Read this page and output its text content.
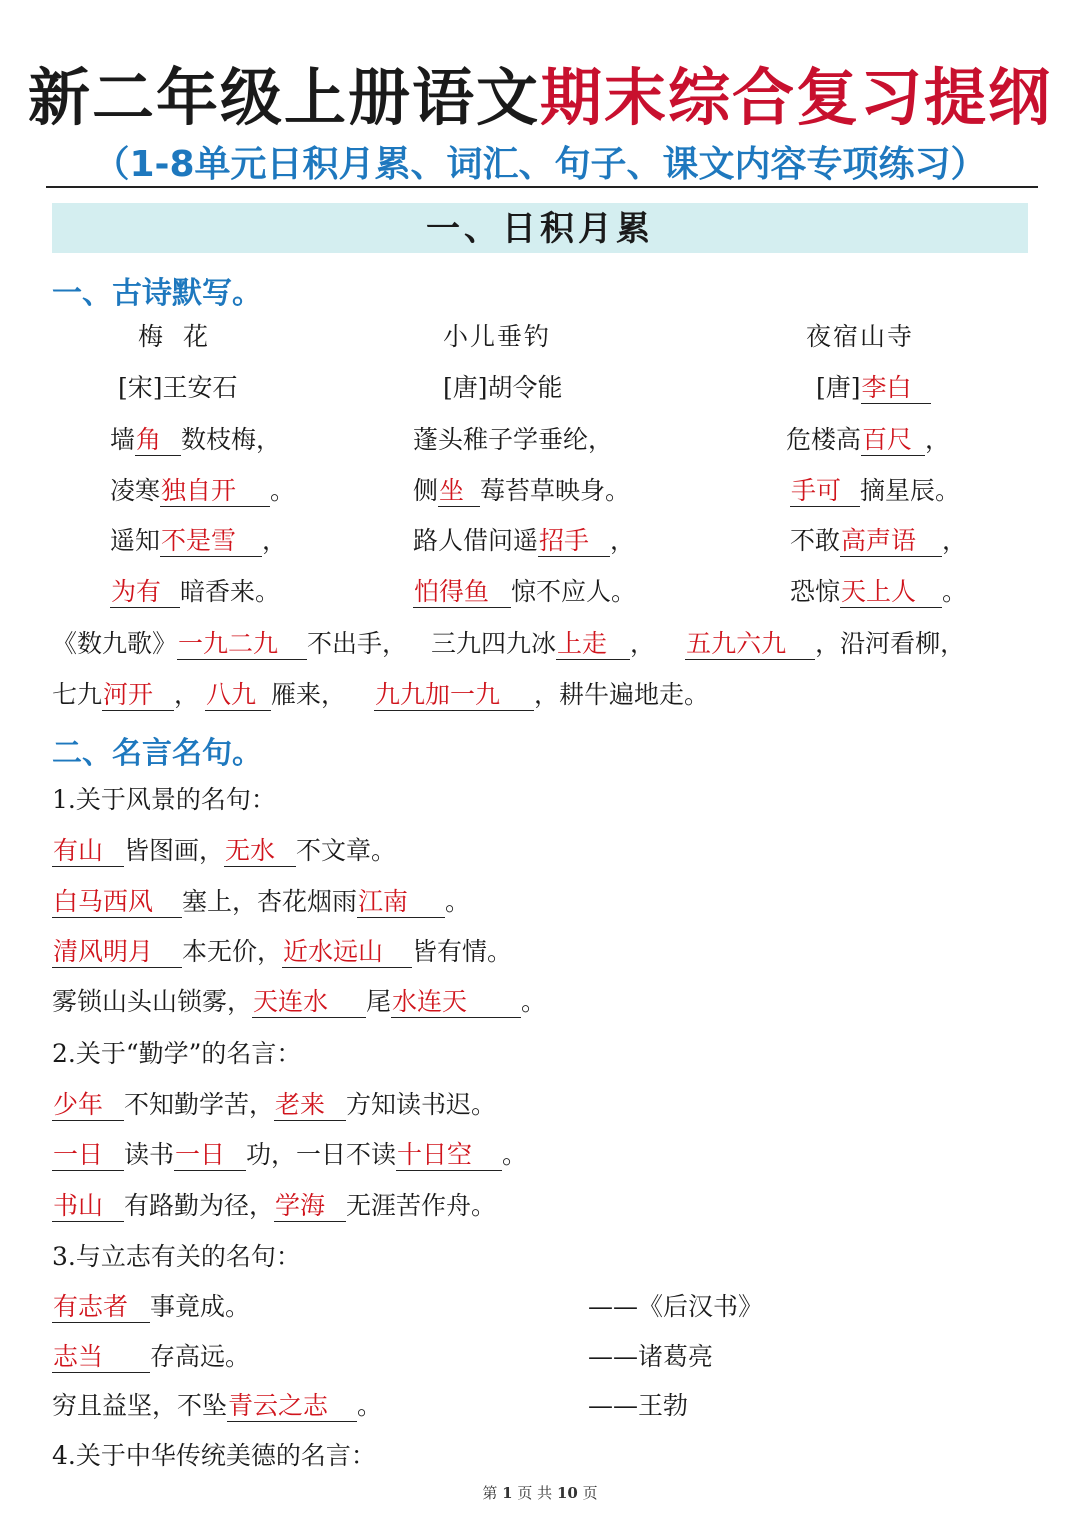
新二年级上册语文期末综合复习提纲
（1-8单元日积月累、词汇、句子、课文内容专项练习）
一、日积月累
一、古诗默写。
梅 花
[宋]王安石
墙角 数枝梅，
凌寒独自开 。
遥知不是雪 ，
为有 暗香来。
小儿垂钓
[唐]胡令能
蓬头稚子学垂纶，
侧坐 莓苔草映身。
路人借问遥招手 ，
怕得鱼 惊不应人。
夜宿山寺
[唐]李白
危楼高百尺 ，
手可 摘星辰。
不敢高声语 ，
恐惊天上人 。
《数九歌》一九二九 不出手， 三九四九冰上走 ， 五九六九 ，沿河看柳，
七九河开 ， 八九 雁来， 九九加一九 ，耕牛遍地走。
二、名言名句。
1.关于风景的名句：
有山 皆图画，无水 不文章。
白马西风 塞上，杏花烟雨江南 。
清风明月 本无价，近水远山 皆有情。
雾锁山头山锁雾，天连水 尾水连天 。
2.关于“勤学”的名言：
少年 不知勤学苦，老来 方知读书迟。
一日 读书一日 功，一日不读十日空 。
书山 有路勤为径，学海 无涯苦作舟。
3.与立志有关的名句：
有志者 事竟成。	——《后汉书》
志当 存高远。	——诸葛亮
穷且益坚，不坠青云之志 。	——王勃
4.关于中华传统美德的名言：
第 1 页 共 10 页
